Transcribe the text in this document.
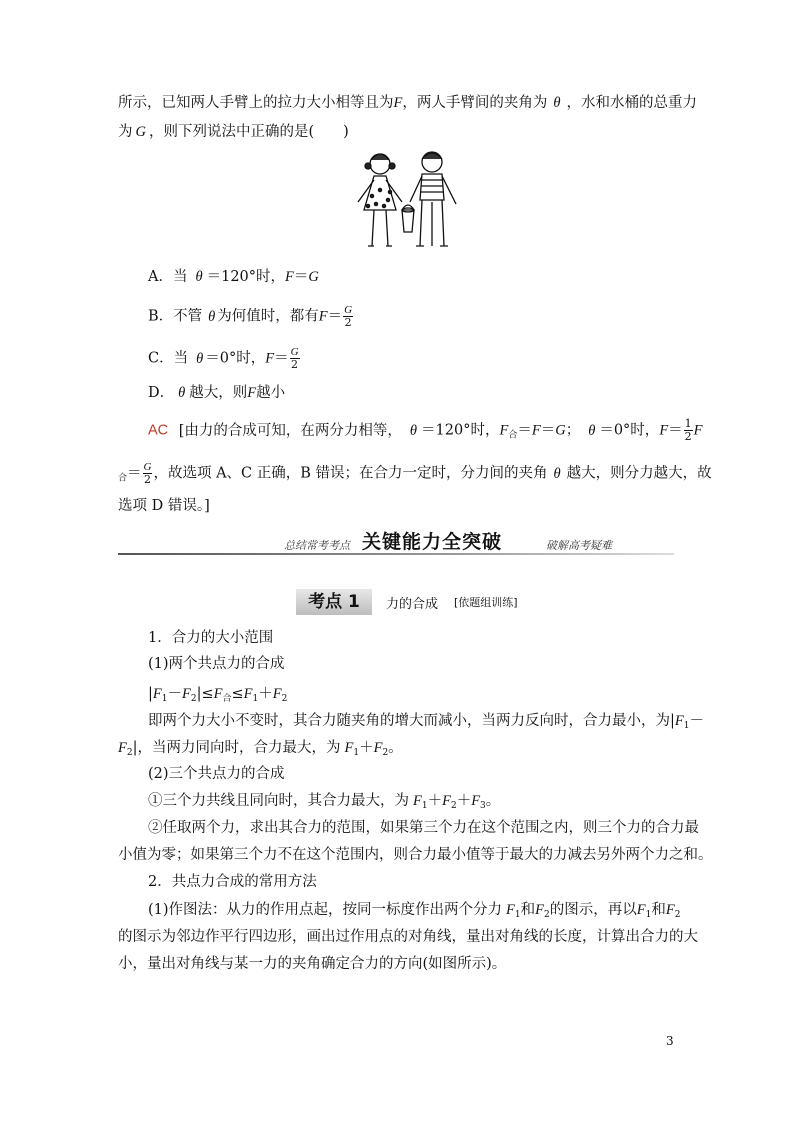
所示，已知两人手臂上的拉力大小相等且为F，两人手臂间的夹角为 θ ，水和水桶的总重力
为 G ，则下列说法中正确的是(　　)
A．当 θ ＝120°时，F＝G
B．不管 θ 为何值时，都有$F= \frac{G}{2}$
C．当 θ ＝0°时，$F= \frac{G}{2}$
D． θ 越大，则F越小
AC [由力的合成可知，在两分力相等， θ ＝120°时，$F_合=F=G$； θ ＝0°时，$F= \frac{1}{2}$ F
$_合= \frac{G}{2}$ ，故选项 A、C 正确，B 错误；在合力一定时，分力间的夹角 θ 越大，则分力越大，故
选项 D 错误。]
总结常考考点 关键能力全突破	破解高考疑难
考点 1	力的合成 [依题组训练]
1．合力的大小范围
(1)两个共点力的合成
$|F_1-F_2|\le F_合\le F_1+F_2$
即两个力大小不变时，其合力随夹角的增大而减小，当两力反向时，合力最小，为$|F_1-$
$F_2|$，当两力同向时，合力最大，为 $F_1+F_2$。
(2)三个共点力的合成
①三个力共线且同向时，其合力最大，为 $F_1+F_2+F_3$。
②任取两个力，求出其合力的范围，如果第三个力在这个范围之内，则三个力的合力最
小值为零；如果第三个力不在这个范围内，则合力最小值等于最大的力减去另外两个力之和。
2．共点力合成的常用方法
(1)作图法：从力的作用点起，按同一标度作出两个分力 $F_1$和$F_2$的图示，再以$F_1$和$F_2$
的图示为邻边作平行四边形，画出过作用点的对角线，量出对角线的长度，计算出合力的大
小，量出对角线与某一力的夹角确定合力的方向(如图所示)。
3
